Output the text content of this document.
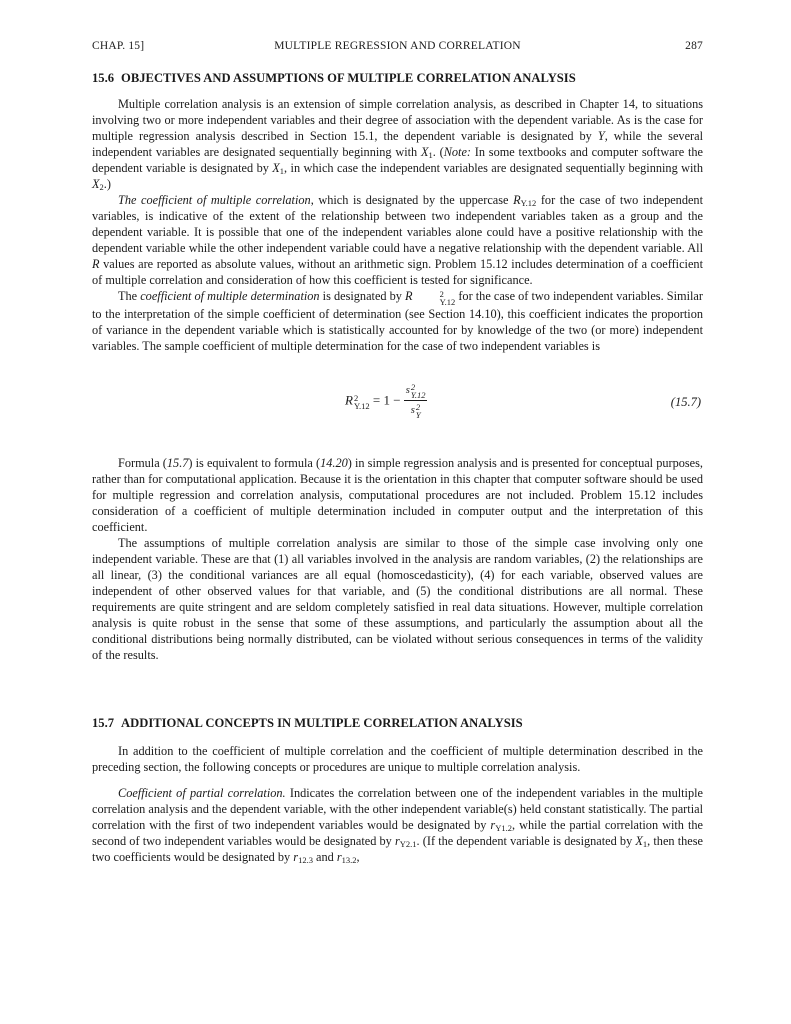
CHAP. 15]	MULTIPLE REGRESSION AND CORRELATION	287
15.6 OBJECTIVES AND ASSUMPTIONS OF MULTIPLE CORRELATION ANALYSIS

Multiple correlation analysis is an extension of simple correlation analysis, as described in Chapter 14, to situations involving two or more independent variables and their degree of association with the dependent variable. As is the case for multiple regression analysis described in Section 15.1, the dependent variable is designated by Y, while the several independent variables are designated sequentially beginning with $X_1$. (Note: In some textbooks and computer software the dependent variable is designated by $X_1$, in which case the independent variables are designated sequentially beginning with $X_2$.)

The coefficient of multiple correlation, which is designated by the uppercase $R_{Y.12}$ for the case of two independent variables, is indicative of the extent of the relationship between two independent variables taken as a group and the dependent variable. It is possible that one of the independent variables alone could have a positive relationship with the dependent variable while the other independent variable could have a negative relationship with the dependent variable. All R values are reported as absolute values, without an arithmetic sign. Problem 15.12 includes determination of a coefficient of multiple correlation and consideration of how this coefficient is tested for significance.

The coefficient of multiple determination is designated by R	2
Y.12 for the case of two independent variables. Similar to the interpretation of the simple coefficient of determination (see Section 14.10), this coefficient indicates the proportion of variance in the dependent variable which is statistically accounted for by knowledge of the two (or more) independent variables. The sample coefficient of multiple determination for the case of two independent variables is

R 2
Y.12 = 1 − s 2
Y.12
s 2
Y	(15.7)

Formula (15.7) is equivalent to formula (14.20) in simple regression analysis and is presented for conceptual purposes, rather than for computational application. Because it is the orientation in this chapter that computer software should be used for multiple regression and correlation analysis, computational procedures are not included. Problem 15.12 includes consideration of a coefficient of multiple determination included in computer output and the interpretation of this coefficient.

The assumptions of multiple correlation analysis are similar to those of the simple case involving only one independent variable. These are that (1) all variables involved in the analysis are random variables, (2) the relationships are all linear, (3) the conditional variances are all equal (homoscedasticity), (4) for each variable, observed values are independent of other observed values for that variable, and (5) the conditional distributions are all normal. These requirements are quite stringent and are seldom completely satisfied in real data situations. However, multiple correlation analysis is quite robust in the sense that some of these assumptions, and particularly the assumption about all the conditional distributions being normally distributed, can be violated without serious consequences in terms of the validity of the results.

15.7 ADDITIONAL CONCEPTS IN MULTIPLE CORRELATION ANALYSIS

In addition to the coefficient of multiple correlation and the coefficient of multiple determination described in the preceding section, the following concepts or procedures are unique to multiple correlation analysis.

Coefficient of partial correlation. Indicates the correlation between one of the independent variables in the multiple correlation analysis and the dependent variable, with the other independent variable(s) held constant statistically. The partial correlation with the first of two independent variables would be designated by $r_{Y1.2}$, while the partial correlation with the second of two independent variables would be designated by $r_{Y2.1}$. (If the dependent variable is designated by $X_1$, then these two coefficients would be designated by $r_{12.3}$ and $r_{13.2}$,
